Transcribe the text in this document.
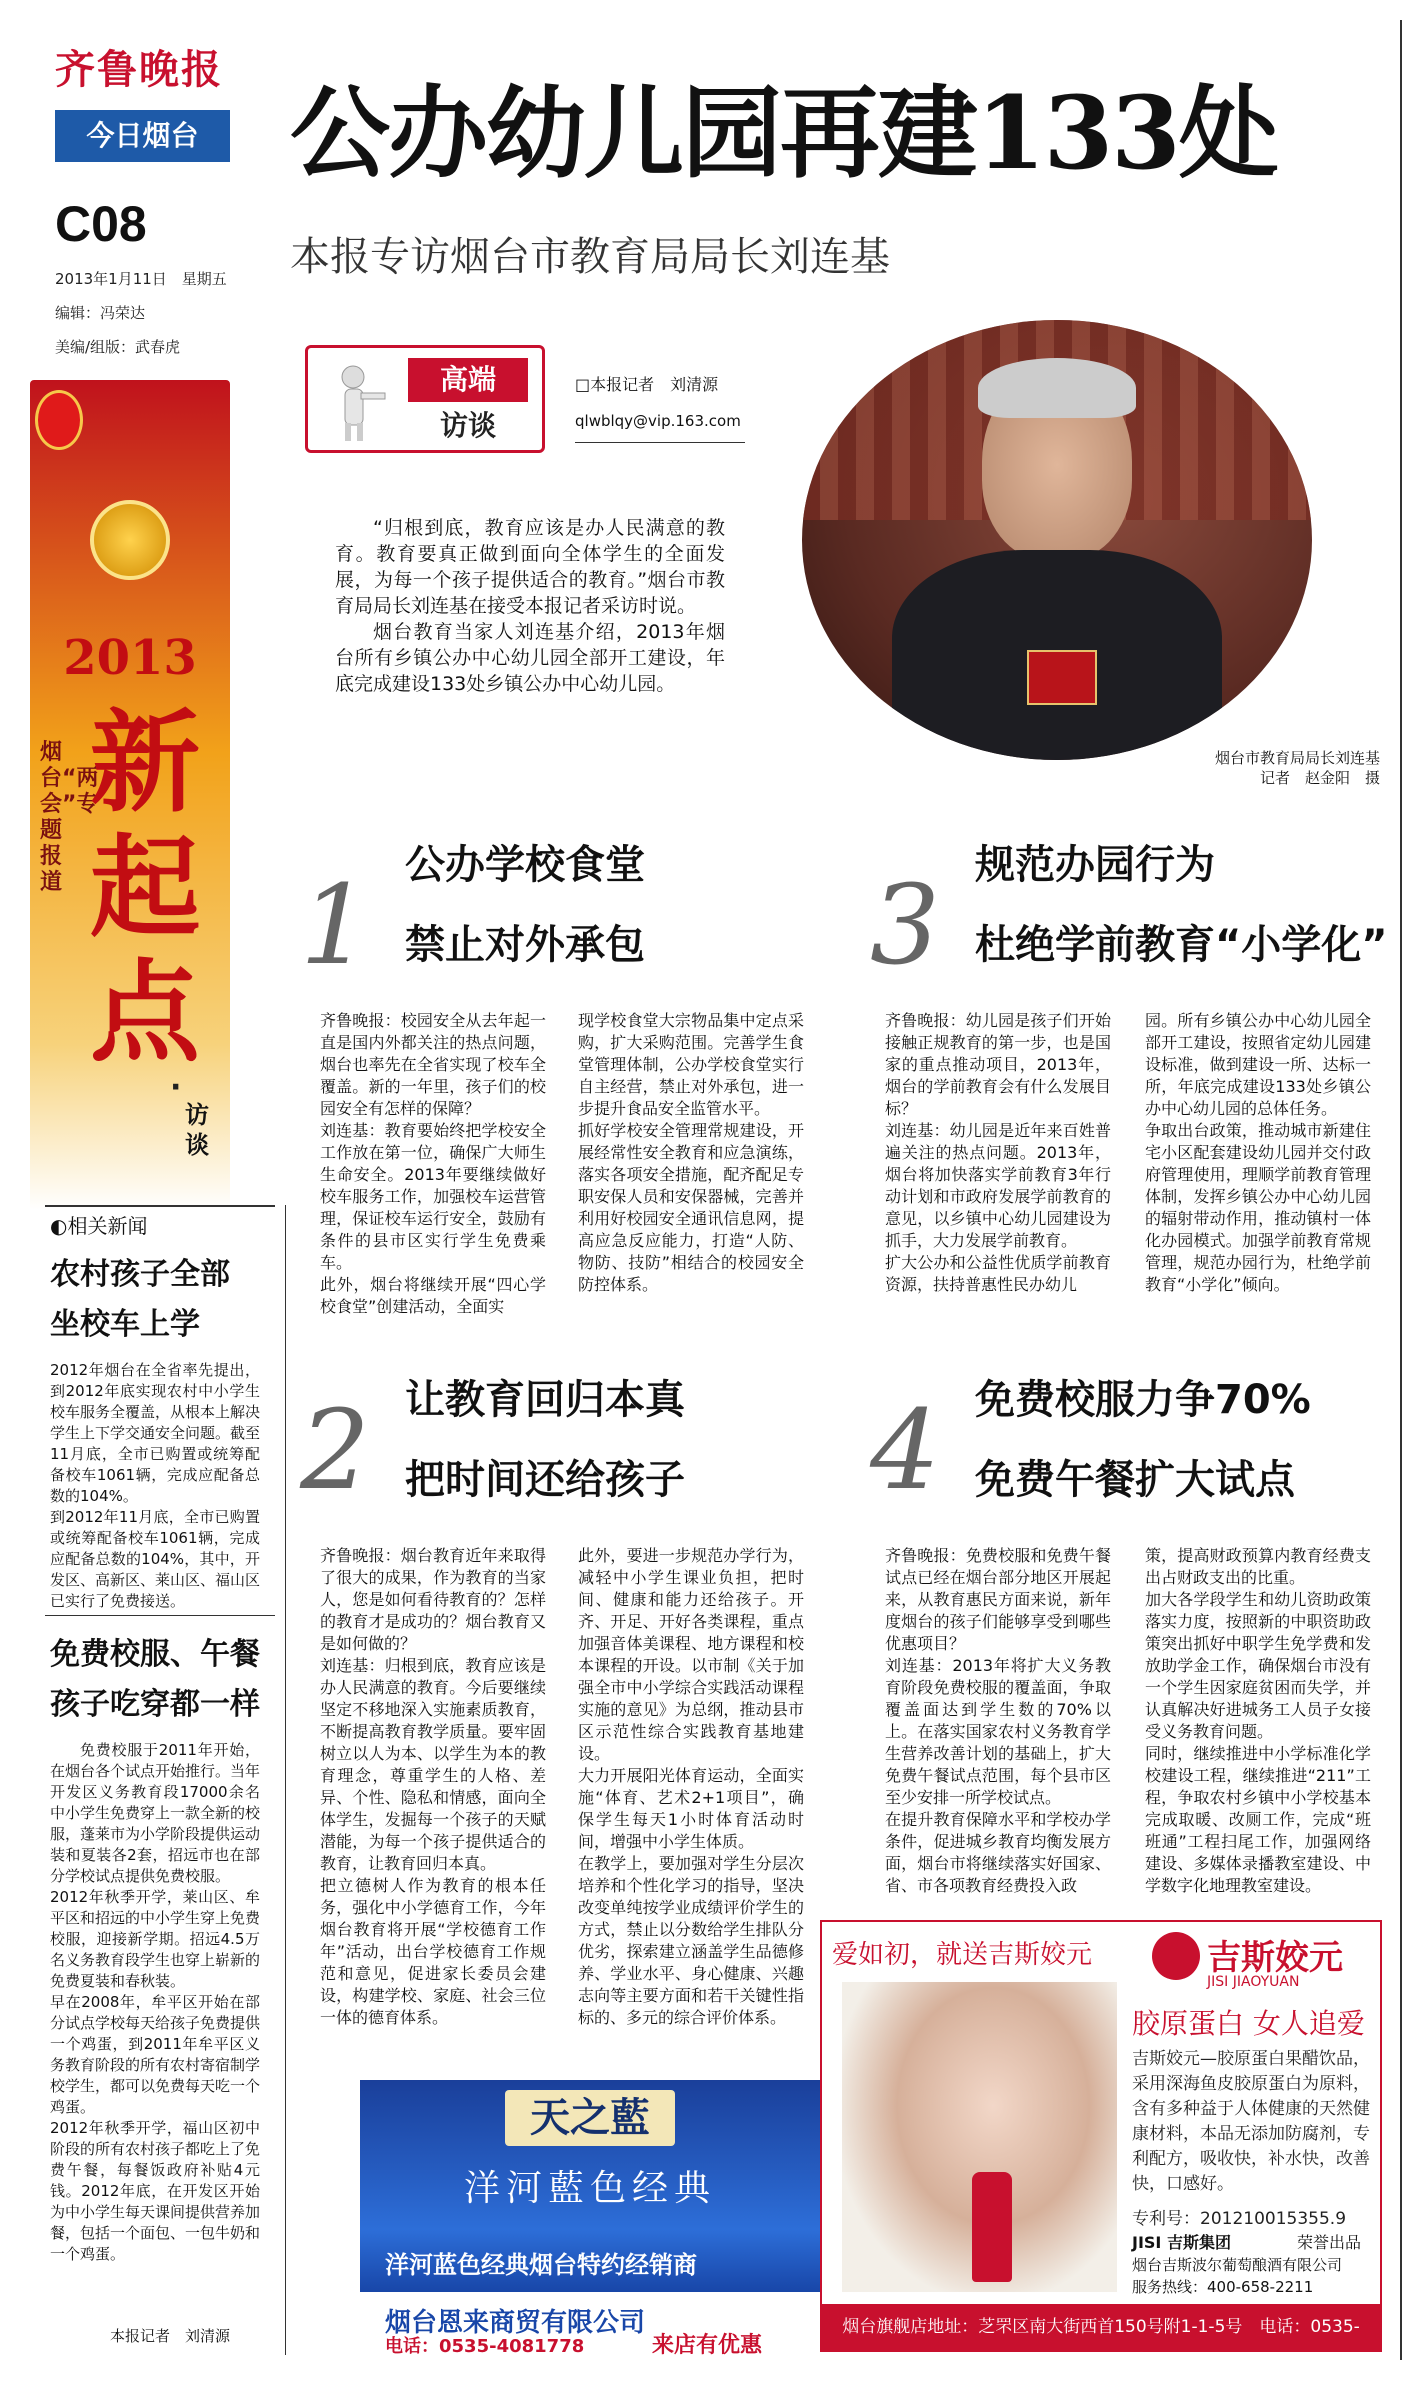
齐鲁晚报
今日烟台
C08
2013年1月11日　星期五
编辑：冯荣达
美编/组版：武春虎
公办幼儿园再建133处
本报专访烟台市教育局局长刘连基
高端
访谈
□本报记者　刘清源
qlwblqy@vip.163.com
2013
烟台“两会”专题报道
新起点
·
访谈

“归根到底，教育应该是办人民满意的教育。教育要真正做到面向全体学生的全面发展，为每一个孩子提供适合的教育。”烟台市教育局局长刘连基在接受本报记者采访时说。

烟台教育当家人刘连基介绍，2013年烟台所有乡镇公办中心幼儿园全部开工建设，年底完成建设133处乡镇公办中心幼儿园。

烟台市教育局局长刘连基
记者　赵金阳　摄
◐相关新闻
农村孩子全部
坐校车上学
2012年烟台在全省率先提出，到2012年底实现农村中小学生校车服务全覆盖，从根本上解决学生上下学交通安全问题。截至11月底，全市已购置或统筹配备校车1061辆，完成应配备总数的104%。
到2012年11月底，全市已购置或统筹配备校车1061辆，完成应配备总数的104%，其中，开发区、高新区、莱山区、福山区已实行了免费接送。
免费校服、午餐
孩子吃穿都一样
免费校服于2011年开始，在烟台各个试点开始推行。当年开发区义务教育段17000余名中小学生免费穿上一款全新的校服，蓬莱市为小学阶段提供运动装和夏装各2套，招远市也在部分学校试点提供免费校服。
2012年秋季开学，莱山区、牟平区和招远的中小学生穿上免费校服，迎接新学期。招远4.5万名义务教育段学生也穿上崭新的免费夏装和春秋装。
早在2008年，牟平区开始在部分试点学校每天给孩子免费提供一个鸡蛋，到2011年牟平区义务教育阶段的所有农村寄宿制学校学生，都可以免费每天吃一个鸡蛋。
2012年秋季开学，福山区初中阶段的所有农村孩子都吃上了免费午餐，每餐饭政府补贴4元钱。2012年底，在开发区开始为中小学生每天课间提供营养加餐，包括一个面包、一包牛奶和一个鸡蛋。
本报记者　刘清源
1 公办学校食堂
禁止对外承包
齐鲁晚报：校园安全从去年起一直是国内外都关注的热点问题，烟台也率先在全省实现了校车全覆盖。新的一年里，孩子们的校园安全有怎样的保障？
刘连基：教育要始终把学校安全工作放在第一位，确保广大师生生命安全。2013年要继续做好校车服务工作，加强校车运营管理，保证校车运行安全，鼓励有条件的县市区实行学生免费乘车。
此外，烟台将继续开展“四心学校食堂”创建活动，全面实
现学校食堂大宗物品集中定点采购，扩大采购范围。完善学生食堂管理体制，公办学校食堂实行自主经营，禁止对外承包，进一步提升食品安全监管水平。
抓好学校安全管理常规建设，开展经常性安全教育和应急演练，落实各项安全措施，配齐配足专职安保人员和安保器械，完善并利用好校园安全通讯信息网，提高应急反应能力，打造“人防、物防、技防”相结合的校园安全防控体系。
3 规范办园行为
杜绝学前教育“小学化”
齐鲁晚报：幼儿园是孩子们开始接触正规教育的第一步，也是国家的重点推动项目，2013年，烟台的学前教育会有什么发展目标？
刘连基：幼儿园是近年来百姓普遍关注的热点问题。2013年，烟台将加快落实学前教育3年行动计划和市政府发展学前教育的意见，以乡镇中心幼儿园建设为抓手，大力发展学前教育。
扩大公办和公益性优质学前教育资源，扶持普惠性民办幼儿
园。所有乡镇公办中心幼儿园全部开工建设，按照省定幼儿园建设标准，做到建设一所、达标一所，年底完成建设133处乡镇公办中心幼儿园的总体任务。
争取出台政策，推动城市新建住宅小区配套建设幼儿园并交付政府管理使用，理顺学前教育管理体制，发挥乡镇公办中心幼儿园的辐射带动作用，推动镇村一体化办园模式。加强学前教育常规管理，规范办园行为，杜绝学前教育“小学化”倾向。
2 让教育回归本真
把时间还给孩子
齐鲁晚报：烟台教育近年来取得了很大的成果，作为教育的当家人，您是如何看待教育的？怎样的教育才是成功的？烟台教育又是如何做的？
刘连基：归根到底，教育应该是办人民满意的教育。今后要继续坚定不移地深入实施素质教育，不断提高教育教学质量。要牢固树立以人为本、以学生为本的教育理念，尊重学生的人格、差异、个性、隐私和情感，面向全体学生，发掘每一个孩子的天赋潜能，为每一个孩子提供适合的教育，让教育回归本真。
把立德树人作为教育的根本任务，强化中小学德育工作，今年烟台教育将开展“学校德育工作年”活动，出台学校德育工作规范和意见，促进家长委员会建设，构建学校、家庭、社会三位一体的德育体系。
此外，要进一步规范办学行为，减轻中小学生课业负担，把时间、健康和能力还给孩子。开齐、开足、开好各类课程，重点加强音体美课程、地方课程和校本课程的开设。以市制《关于加强全市中小学综合实践活动课程实施的意见》为总纲，推动县市区示范性综合实践教育基地建设。
大力开展阳光体育运动，全面实施“体育、艺术2+1项目”，确保学生每天1小时体育活动时间，增强中小学生体质。
在教学上，要加强对学生分层次培养和个性化学习的指导，坚决改变单纯按学业成绩评价学生的方式，禁止以分数给学生排队分优劣，探索建立涵盖学生品德修养、学业水平、身心健康、兴趣志向等主要方面和若干关键性指标的、多元的综合评价体系。
4 免费校服力争70%
免费午餐扩大试点
齐鲁晚报：免费校服和免费午餐试点已经在烟台部分地区开展起来，从教育惠民方面来说，新年度烟台的孩子们能够享受到哪些优惠项目？
刘连基：2013年将扩大义务教育阶段免费校服的覆盖面，争取覆盖面达到学生数的70%以上。在落实国家农村义务教育学生营养改善计划的基础上，扩大免费午餐试点范围，每个县市区至少安排一所学校试点。
在提升教育保障水平和学校办学条件，促进城乡教育均衡发展方面，烟台市将继续落实好国家、省、市各项教育经费投入政
策，提高财政预算内教育经费支出占财政支出的比重。
加大各学段学生和幼儿资助政策落实力度，按照新的中职资助政策突出抓好中职学生免学费和发放助学金工作，确保烟台市没有一个学生因家庭贫困而失学，并认真解决好进城务工人员子女接受义务教育问题。
同时，继续推进中小学标准化学校建设工程，继续推进“211”工程，争取农村乡镇中小学校基本完成取暖、改厕工作，完成“班班通”工程扫尾工作，加强网络建设、多媒体录播教室建设、中学数字化地理教室建设。
天之藍
洋河藍色经典
洋河蓝色经典烟台特约经销商
烟台恩来商贸有限公司
电话：0535-4081778	来店有优惠
爱如初，就送吉斯姣元	吉斯姣元
JISI JIAOYUAN
胶原蛋白 女人追爱
吉斯姣元—胶原蛋白果醋饮品，采用深海鱼皮胶原蛋白为原料，含有多种益于人体健康的天然健康材料，本品无添加防腐剂，专利配方，吸收快，补水快，改善快，口感好。
专利号：201210015355.9
JISI 吉斯集团	荣誉出品
烟台吉斯波尔葡萄酿酒有限公司
服务热线：400-658-2211
烟台旗舰店地址：芝罘区南大街西首150号附1-1-5号　电话：0535-6694999
